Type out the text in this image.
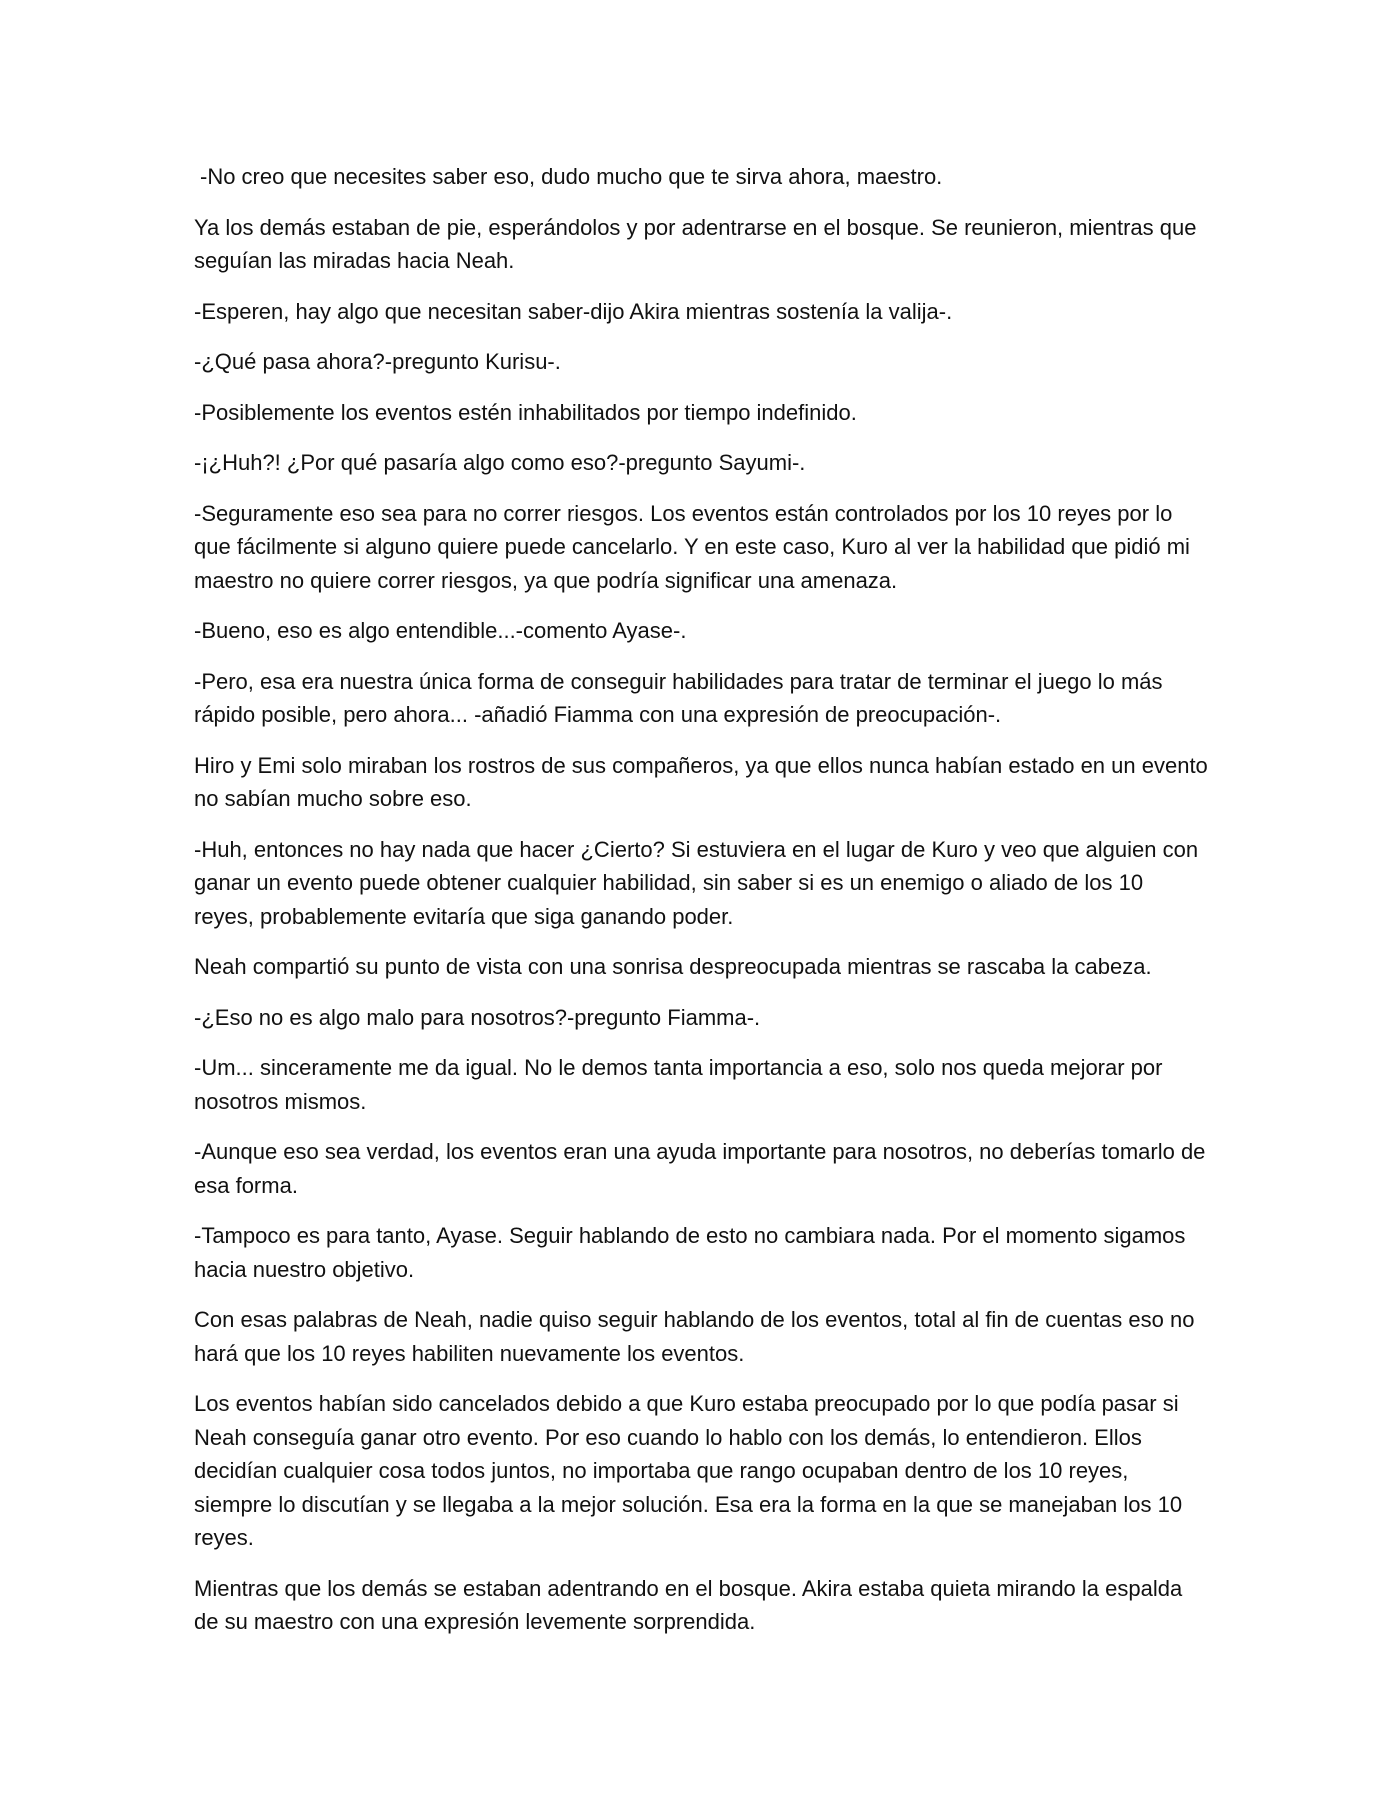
-No creo que necesites saber eso, dudo mucho que te sirva ahora, maestro.

Ya los demás estaban de pie, esperándolos y por adentrarse en el bosque. Se reunieron, mientras que seguían las miradas hacia Neah.

-Esperen, hay algo que necesitan saber-dijo Akira mientras sostenía la valija-.

-¿Qué pasa ahora?-pregunto Kurisu-.

-Posiblemente los eventos estén inhabilitados por tiempo indefinido.

-¡¿Huh?! ¿Por qué pasaría algo como eso?-pregunto Sayumi-.

-Seguramente eso sea para no correr riesgos. Los eventos están controlados por los 10 reyes por lo que fácilmente si alguno quiere puede cancelarlo. Y en este caso, Kuro al ver la habilidad que pidió mi maestro no quiere correr riesgos, ya que podría significar una amenaza.

-Bueno, eso es algo entendible...-comento Ayase-.

-Pero, esa era nuestra única forma de conseguir habilidades para tratar de terminar el juego lo más rápido posible, pero ahora... -añadió Fiamma con una expresión de preocupación-.

Hiro y Emi solo miraban los rostros de sus compañeros, ya que ellos nunca habían estado en un evento no sabían mucho sobre eso.

-Huh, entonces no hay nada que hacer ¿Cierto? Si estuviera en el lugar de Kuro y veo que alguien con ganar un evento puede obtener cualquier habilidad, sin saber si es un enemigo o aliado de los 10 reyes, probablemente evitaría que siga ganando poder.

Neah compartió su punto de vista con una sonrisa despreocupada mientras se rascaba la cabeza.

-¿Eso no es algo malo para nosotros?-pregunto Fiamma-.

-Um... sinceramente me da igual. No le demos tanta importancia a eso, solo nos queda mejorar por nosotros mismos.

-Aunque eso sea verdad, los eventos eran una ayuda importante para nosotros, no deberías tomarlo de esa forma.

-Tampoco es para tanto, Ayase. Seguir hablando de esto no cambiara nada. Por el momento sigamos hacia nuestro objetivo.

Con esas palabras de Neah, nadie quiso seguir hablando de los eventos, total al fin de cuentas eso no hará que los 10 reyes habiliten nuevamente los eventos.

Los eventos habían sido cancelados debido a que Kuro estaba preocupado por lo que podía pasar si Neah conseguía ganar otro evento. Por eso cuando lo hablo con los demás, lo entendieron. Ellos decidían cualquier cosa todos juntos, no importaba que rango ocupaban dentro de los 10 reyes, siempre lo discutían y se llegaba a la mejor solución. Esa era la forma en la que se manejaban los 10 reyes.

Mientras que los demás se estaban adentrando en el bosque. Akira estaba quieta mirando la espalda de su maestro con una expresión levemente sorprendida.
